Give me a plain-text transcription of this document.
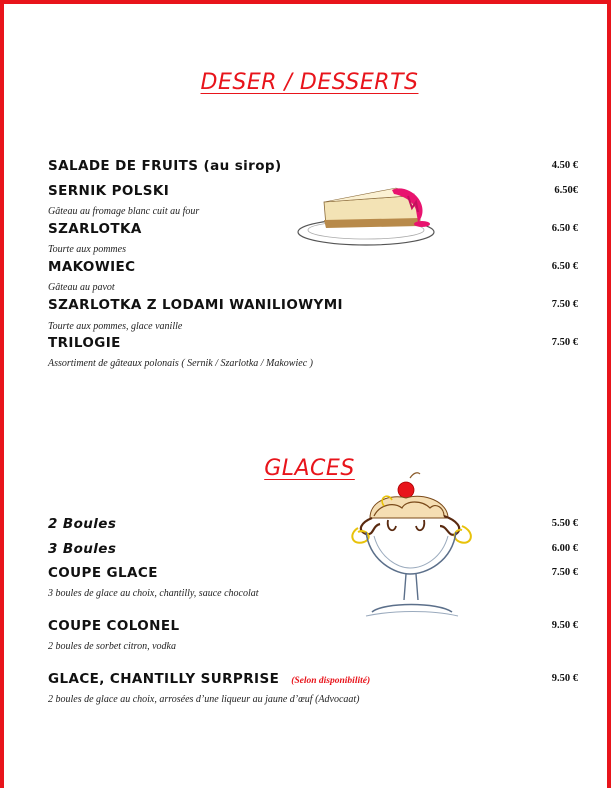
DESER / DESSERTS
SALADE DE FRUITS (au sirop)	4.50 €
SERNIK POLSKI	6.50€
Gâteau au fromage blanc cuit au four
SZARLOTKA	6.50 €
Tourte aux pommes
MAKOWIEC	6.50 €
Gâteau au pavot
SZARLOTKA Z LODAMI WANILIOWYMI	7.50 €
Tourte aux pommes, glace vanille
TRILOGIE	7.50 €
Assortiment de gâteaux polonais ( Sernik / Szarlotka / Makowiec )
GLACES
2 Boules	5.50 €
3 Boules	6.00 €
COUPE GLACE	7.50 €
3 boules de glace au choix, chantilly, sauce chocolat
COUPE COLONEL	9.50 €
2 boules de sorbet citron, vodka
GLACE, CHANTILLY SURPRISE (Selon disponibilité)	9.50 €
2 boules de glace au choix, arrosées d’une liqueur au jaune d’œuf (Advocaat)
